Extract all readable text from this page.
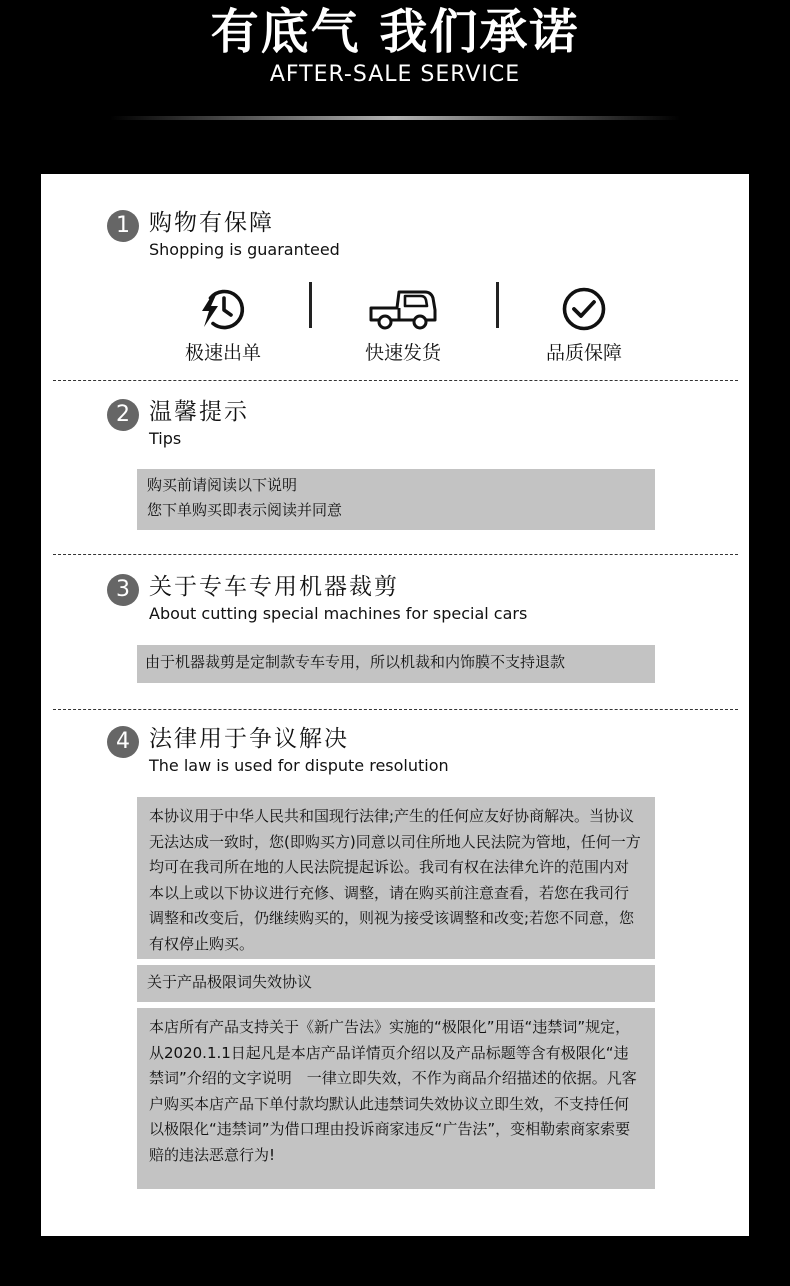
有底气 我们承诺
AFTER-SALE SERVICE
1 购物有保障
Shopping is guaranteed
极速出单	快速发货	品质保障
2 温馨提示
Tips

购买前请阅读以下说明

您下单购买即表示阅读并同意

3 关于专车专用机器裁剪
About cutting special machines for special cars

由于机器裁剪是定制款专车专用，所以机裁和内饰膜不支持退款

4 法律用于争议解决
The law is used for dispute resolution

本协议用于中华人民共和国现行法律;产生的任何应友好协商解决。当协议无法达成一致时，您(即购买方)同意以司住所地人民法院为管地，任何一方均可在我司所在地的人民法院提起诉讼。我司有权在法律允许的范围内对本以上或以下协议进行充修、调整，请在购买前注意查看，若您在我司行调整和改变后，仍继续购买的，则视为接受该调整和改变;若您不同意，您有权停止购买。

关于产品极限词失效协议

本店所有产品支持关于《新广告法》实施的“极限化”用语“违禁词”规定，从2020.1.1日起凡是本店产品详情页介绍以及产品标题等含有极限化“违禁词”介绍的文字说明　一律立即失效，不作为商品介绍描述的依据。凡客户购买本店产品下单付款均默认此违禁词失效协议立即生效，不支持任何以极限化“违禁词”为借口理由投诉商家违反“广告法”，变相勒索商家索要赔的违法恶意行为!
